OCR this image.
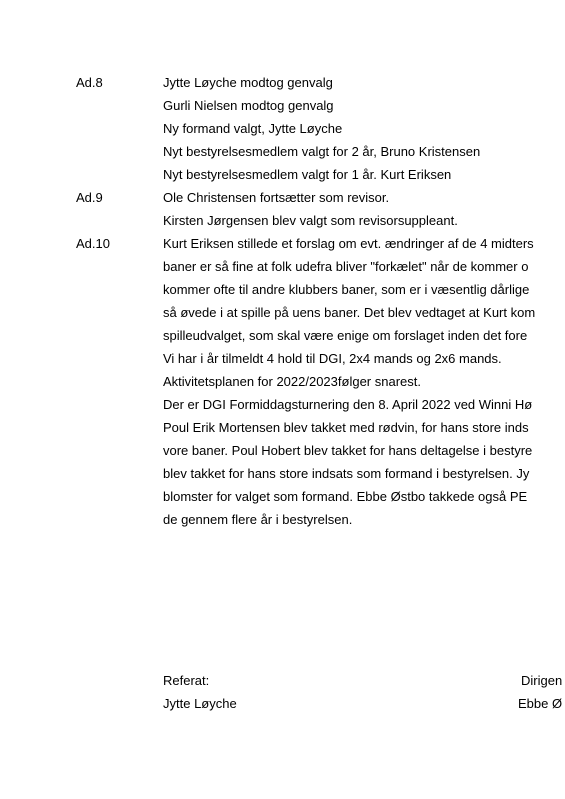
Ad.8	Jytte Løyche modtog genvalg
Gurli Nielsen modtog genvalg
Ny formand valgt, Jytte Løyche
Nyt bestyrelsesmedlem valgt for 2 år, Bruno Kristensen
Nyt bestyrelsesmedlem valgt for 1 år. Kurt Eriksen
Ad.9	Ole Christensen fortsætter som revisor.
Kirsten Jørgensen blev valgt som revisorsuppleant.
Ad.10	Kurt Eriksen stillede et forslag om evt. ændringer af de 4 midters
baner er så fine at folk udefra bliver "forkælet" når de kommer o
kommer ofte til andre klubbers baner, som er i væsentlig dårlige
så øvede i at spille på uens baner. Det blev vedtaget at Kurt kom
spilleudvalget, som skal være enige om forslaget inden det fore
Vi har i år tilmeldt 4 hold til DGI, 2x4 mands og 2x6 mands.
Aktivitetsplanen for 2022/2023følger snarest.
Der er DGI Formiddagsturnering den 8. April 2022 ved Winni Hø
Poul Erik Mortensen blev takket med rødvin, for hans store inds
vore baner. Poul Hobert blev takket for hans deltagelse i bestyre
blev takket for hans store indsats som formand i bestyrelsen. Jy
blomster for valget som formand. Ebbe Østbo takkede også PE
de gennem flere år i bestyrelsen.
Referat:	Dirigen
Jytte Løyche	Ebbe Ø
